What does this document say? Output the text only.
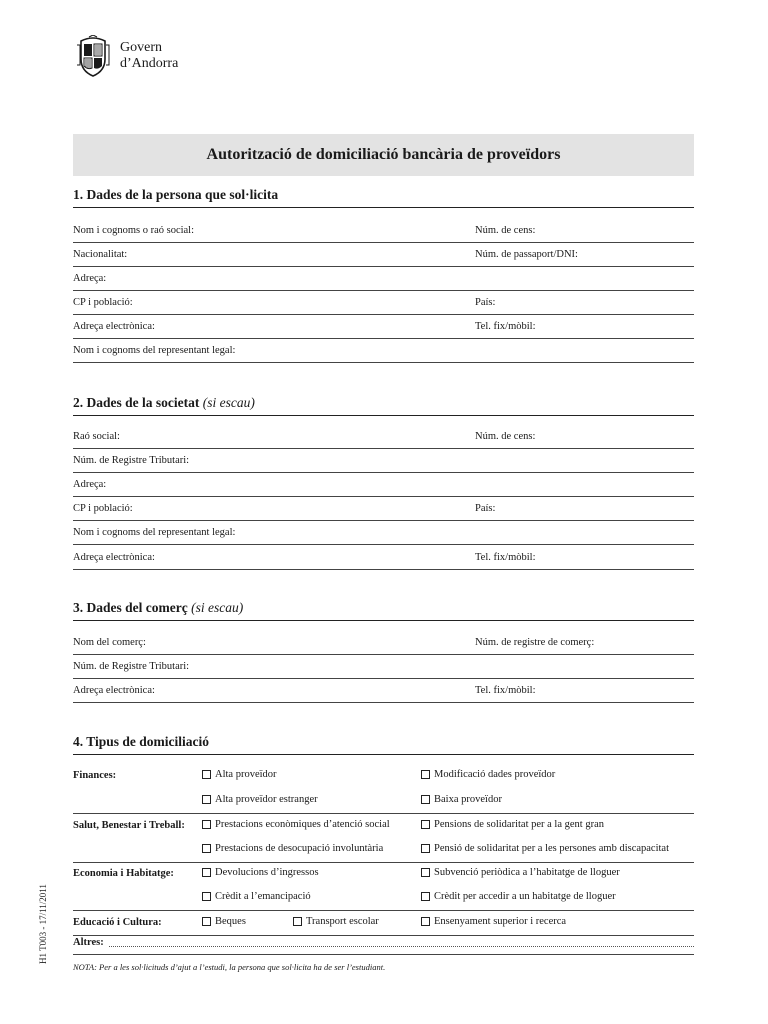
Govern
d’Andorra
Autorització de domiciliació bancària de proveïdors
1. Dades de la persona que sol·licita
Nom i cognoms o raó social:	Núm. de cens:
Nacionalitat:	Núm. de passaport/DNI:
Adreça:
CP i població:	País:
Adreça electrònica:	Tel. fix/mòbil:
Nom i cognoms del representant legal:
2. Dades de la societat (si escau)
Raó social:	Núm. de cens:
Núm. de Registre Tributari:
Adreça:
CP i població:	País:
Nom i cognoms del representant legal:
Adreça electrònica:	Tel. fix/mòbil:
3. Dades del comerç (si escau)
Nom del comerç:	Núm. de registre de comerç:
Núm. de Registre Tributari:
Adreça electrònica:	Tel. fix/mòbil:
4. Tipus de domiciliació
Finances:	Alta proveïdor	Modificació dades proveïdor
Alta proveïdor estranger	Baixa proveïdor
Salut, Benestar i Treball:	Prestacions econòmiques d’atenció social	Pensions de solidaritat per a la gent gran
Prestacions de desocupació involuntària	Pensió de solidaritat per a les persones amb discapacitat
Economia i Habitatge:	Devolucions d’ingressos	Subvenció periòdica a l’habitatge de lloguer
Crèdit a l’emancipació	Crèdit per accedir a un habitatge de lloguer
Educació i Cultura:	Beques	Transport escolar	Ensenyament superior i recerca
Altres:
NOTA: Per a les sol·licituds d’ajut a l’estudi, la persona que sol·licita ha de ser l’estudiant.
H1 T003 - 17/11/2011
